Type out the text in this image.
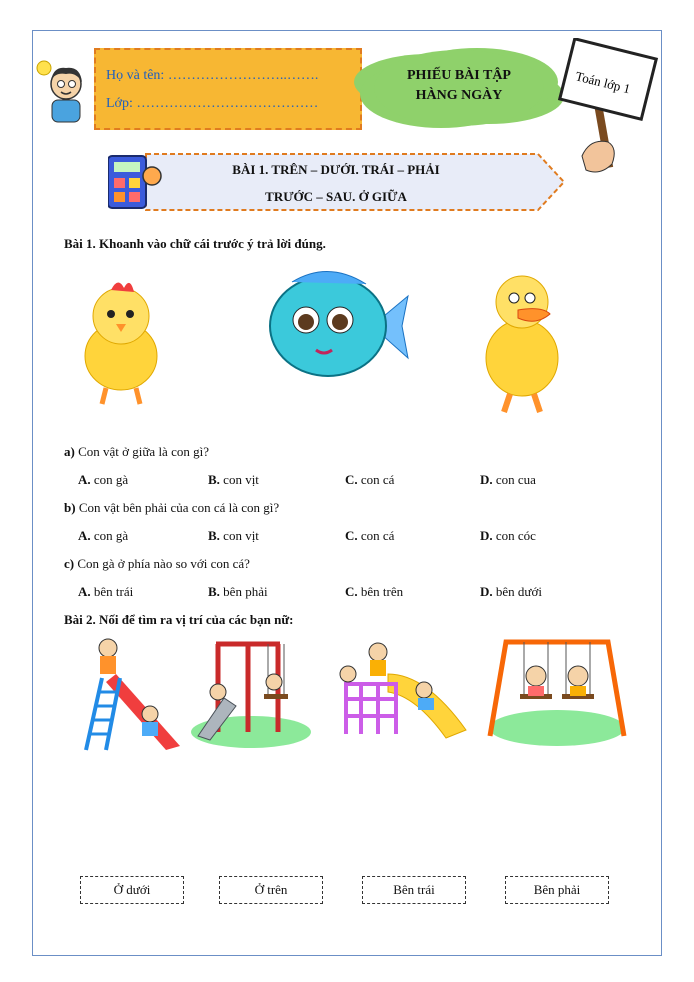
Họ và tên: ……………………..…….
Lớp: …………………………………
PHIẾU BÀI TẬP
HÀNG NGÀY	Toán lớp 1
BÀI 1. TRÊN – DƯỚI. TRÁI – PHẢI
TRƯỚC – SAU. Ở GIỮA
Bài 1. Khoanh vào chữ cái trước ý trả lời đúng.
a) Con vật ở giữa là con gì?
A. con gà	B. con vịt	C. con cá	D. con cua
b) Con vật bên phải của con cá là con gì?
A. con gà	B. con vịt	C. con cá	D. con cóc
c) Con gà ở phía nào so với con cá?
A. bên trái	B. bên phải	C. bên trên	D. bên dưới
Bài 2. Nối để tìm ra vị trí của các bạn nữ:
Ở dưới	Ở trên	Bên trái	Bên phải
